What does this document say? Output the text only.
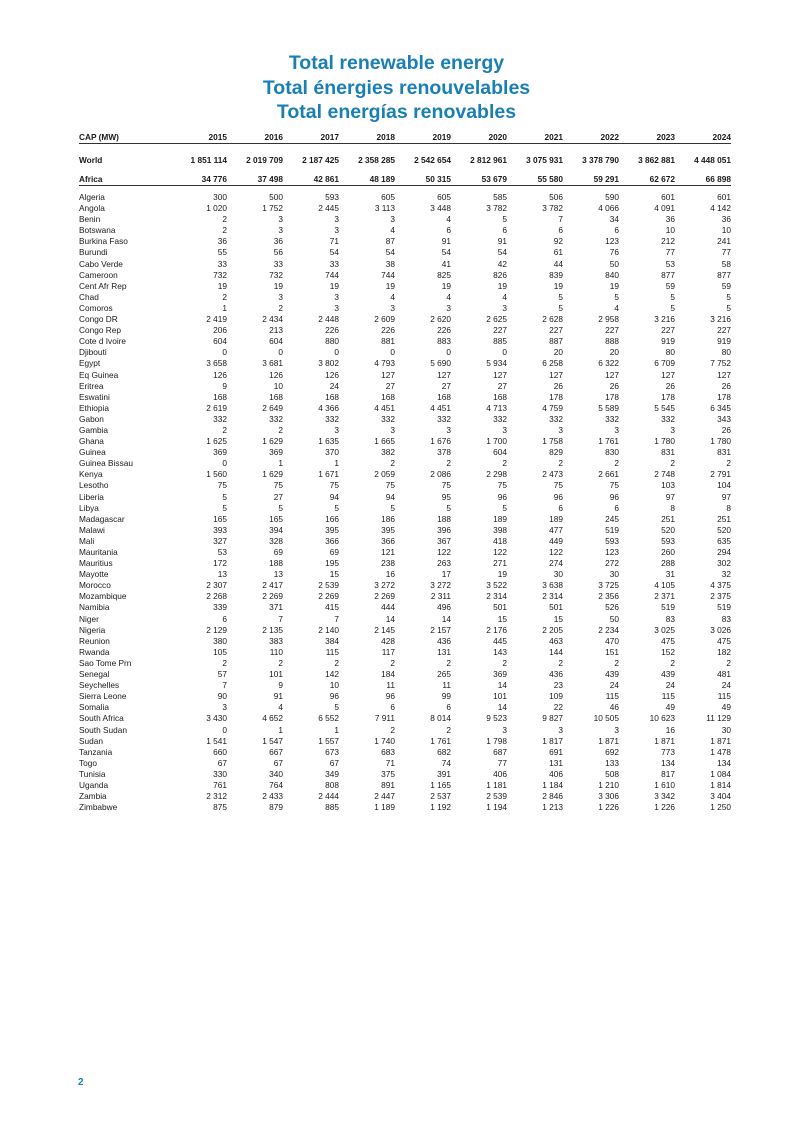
Total renewable energy
Total énergies renouvelables
Total energías renovables
CAP (MW)	2015	2016	2017	2018	2019	2020	2021	2022	2023	2024

World	1 851 114	2 019 709	2 187 425	2 358 285	2 542 654	2 812 961	3 075 931	3 378 790	3 862 881	4 448 051

Africa	34 776	37 498	42 861	48 189	50 315	53 679	55 580	59 291	62 672	66 898

Algeria	300	500	593	605	605	585	506	590	601	601
Angola	1 020	1 752	2 445	3 113	3 448	3 782	3 782	4 066	4 091	4 142
Benin	2	3	3	3	4	5	7	34	36	36
Botswana	2	3	3	4	6	6	6	6	10	10
Burkina Faso	36	36	71	87	91	91	92	123	212	241
Burundi	55	56	54	54	54	54	61	76	77	77
Cabo Verde	33	33	33	38	41	42	44	50	53	58
Cameroon	732	732	744	744	825	826	839	840	877	877
Cent Afr Rep	19	19	19	19	19	19	19	19	59	59
Chad	2	3	3	4	4	4	5	5	5	5
Comoros	1	2	3	3	3	3	5	4	5	5
Congo DR	2 419	2 434	2 448	2 609	2 620	2 625	2 628	2 958	3 216	3 216
Congo Rep	206	213	226	226	226	227	227	227	227	227
Cote d Ivoire	604	604	880	881	883	885	887	888	919	919
Djibouti	0	0	0	0	0	0	20	20	80	80
Egypt	3 658	3 681	3 802	4 793	5 690	5 934	6 258	6 322	6 709	7 752
Eq Guinea	126	126	126	127	127	127	127	127	127	127
Eritrea	9	10	24	27	27	27	26	26	26	26
Eswatini	168	168	168	168	168	168	178	178	178	178
Ethiopia	2 619	2 649	4 366	4 451	4 451	4 713	4 759	5 589	5 545	6 345
Gabon	332	332	332	332	332	332	332	332	332	343
Gambia	2	2	3	3	3	3	3	3	3	26
Ghana	1 625	1 629	1 635	1 665	1 676	1 700	1 758	1 761	1 780	1 780
Guinea	369	369	370	382	378	604	829	830	831	831
Guinea Bissau	0	1	1	2	2	2	2	2	2	2
Kenya	1 560	1 629	1 671	2 059	2 086	2 298	2 473	2 661	2 748	2 791
Lesotho	75	75	75	75	75	75	75	75	103	104
Liberia	5	27	94	94	95	96	96	96	97	97
Libya	5	5	5	5	5	5	6	6	8	8
Madagascar	165	165	166	186	188	189	189	245	251	251
Malawi	393	394	395	395	396	398	477	519	520	520
Mali	327	328	366	366	367	418	449	593	593	635
Mauritania	53	69	69	121	122	122	122	123	260	294
Mauritius	172	188	195	238	263	271	274	272	288	302
Mayotte	13	13	15	16	17	19	30	30	31	32
Morocco	2 307	2 417	2 539	3 272	3 272	3 522	3 638	3 725	4 105	4 375
Mozambique	2 268	2 269	2 269	2 269	2 311	2 314	2 314	2 356	2 371	2 375
Namibia	339	371	415	444	496	501	501	526	519	519
Niger	6	7	7	14	14	15	15	50	83	83
Nigeria	2 129	2 135	2 140	2 145	2 157	2 176	2 205	2 234	3 025	3 026
Reunion	380	383	384	428	436	445	463	470	475	475
Rwanda	105	110	115	117	131	143	144	151	152	182
Sao Tome Prn	2	2	2	2	2	2	2	2	2	2
Senegal	57	101	142	184	265	369	436	439	439	481
Seychelles	7	9	10	11	11	14	23	24	24	24
Sierra Leone	90	91	96	96	99	101	109	115	115	115
Somalia	3	4	5	6	6	14	22	46	49	49
South Africa	3 430	4 652	6 552	7 911	8 014	9 523	9 827	10 505	10 623	11 129
South Sudan	0	1	1	2	2	3	3	3	16	30
Sudan	1 541	1 547	1 557	1 740	1 761	1 798	1 817	1 871	1 871	1 871
Tanzania	660	667	673	683	682	687	691	692	773	1 478
Togo	67	67	67	71	74	77	131	133	134	134
Tunisia	330	340	349	375	391	406	406	508	817	1 084
Uganda	761	764	808	891	1 165	1 181	1 184	1 210	1 610	1 814
Zambia	2 312	2 433	2 444	2 447	2 537	2 539	2 846	3 306	3 342	3 404
Zimbabwe	875	879	885	1 189	1 192	1 194	1 213	1 226	1 226	1 250
2
